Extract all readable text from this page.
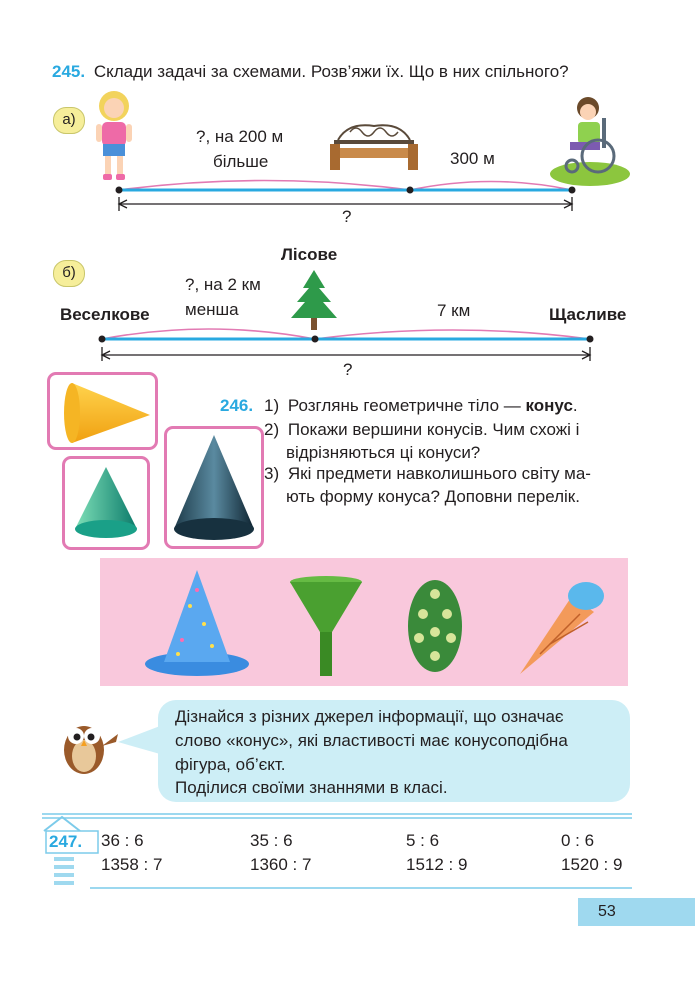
245. Склади задачі за схемами. Розв’яжи їх. Що в них спільного?
а)
?, на 200 м
більше	300 м
?
б)
Лісове
Веселкове	Щасливе
?, на 2 км
менша	7 км
?
246. 1) Розглянь геометричне тіло — конус.
2) Покажи вершини конусів. Чим схожі і
відрізняються ці конуси?
3) Які предмети навколишнього світу ма-
ють форму конуса? Доповни перелік.
Дізнайся з різних джерел інформації, що означає
слово «конус», які властивості має конусоподібна
фігура, об’єкт.
Поділися своїми знаннями в класі.
247. 36 : 6	35 : 6	5 : 6	0 : 6
1358 : 7	1360 : 7	1512 : 9	1520 : 9
53
